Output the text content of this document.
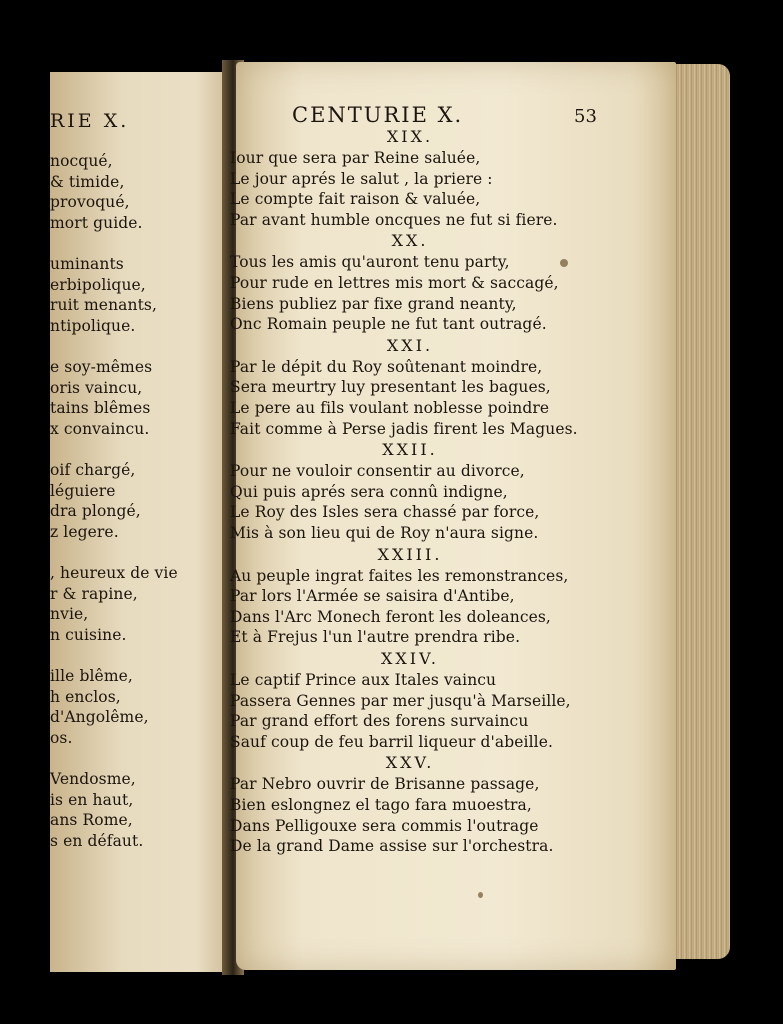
RIE X.
nocqué,
& timide,
provoqué,
mort guide.
uminants
erbipolique,
ruit menants,
ntipolique.
e soy-mêmes
oris vaincu,
tains blêmes
x convaincu.
oif chargé,
léguiere
dra plongé,
z legere.
, heureux de vie
r & rapine,
nvie,
n cuisine.
ille blême,
h enclos,
d'Angolême,
os.
Vendosme,
is en haut,
ans Rome,
s en défaut.
CENTURIE X.	53
XIX.
Iour que sera par Reine saluée,
Le jour aprés le salut , la priere :
Le compte fait raison & valuée,
Par avant humble oncques ne fut si fiere.
XX.
Tous les amis qu'auront tenu party,
Pour rude en lettres mis mort & saccagé,
Biens publiez par fixe grand neanty,
Onc Romain peuple ne fut tant outragé.
XXI.
Par le dépit du Roy soûtenant moindre,
Sera meurtry luy presentant les bagues,
Le pere au fils voulant noblesse poindre
Fait comme à Perse jadis firent les Magues.
XXII.
Pour ne vouloir consentir au divorce,
Qui puis aprés sera connû indigne,
Le Roy des Isles sera chassé par force,
Mis à son lieu qui de Roy n'aura signe.
XXIII.
Au peuple ingrat faites les remonstrances,
Par lors l'Armée se saisira d'Antibe,
Dans l'Arc Monech feront les doleances,
Et à Frejus l'un l'autre prendra ribe.
XXIV.
Le captif Prince aux Itales vaincu
Passera Gennes par mer jusqu'à Marseille,
Par grand effort des forens survaincu
Sauf coup de feu barril liqueur d'abeille.
XXV.
Par Nebro ouvrir de Brisanne passage,
Bien eslongnez el tago fara muoestra,
Dans Pelligouxe sera commis l'outrage
De la grand Dame assise sur l'orchestra.
